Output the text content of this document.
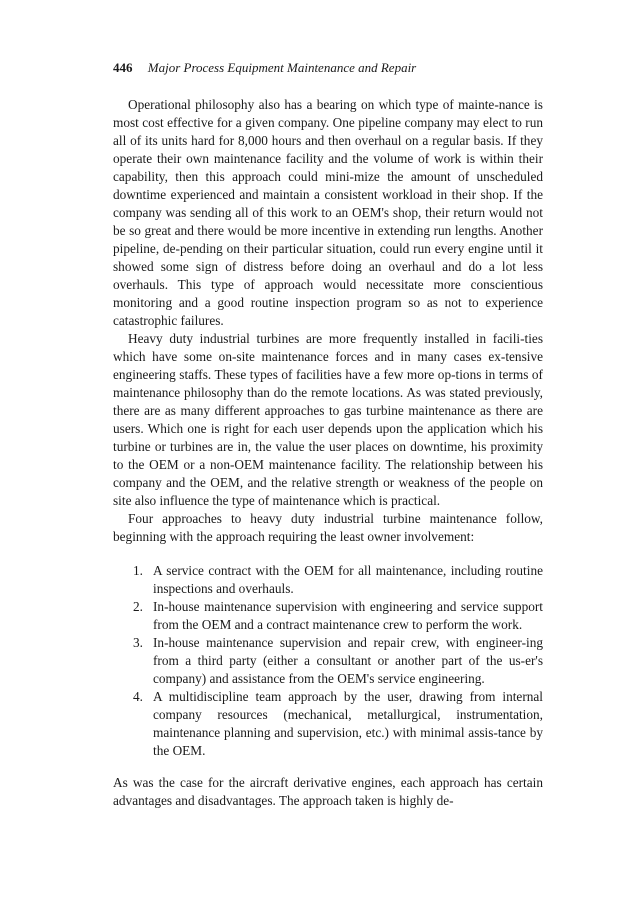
446 Major Process Equipment Maintenance and Repair

Operational philosophy also has a bearing on which type of mainte-nance is most cost effective for a given company. One pipeline company may elect to run all of its units hard for 8,000 hours and then overhaul on a regular basis. If they operate their own maintenance facility and the volume of work is within their capability, then this approach could mini-mize the amount of unscheduled downtime experienced and maintain a consistent workload in their shop. If the company was sending all of this work to an OEM's shop, their return would not be so great and there would be more incentive in extending run lengths. Another pipeline, de-pending on their particular situation, could run every engine until it showed some sign of distress before doing an overhaul and do a lot less overhauls. This type of approach would necessitate more conscientious monitoring and a good routine inspection program so as not to experience catastrophic failures.

Heavy duty industrial turbines are more frequently installed in facili-ties which have some on-site maintenance forces and in many cases ex-tensive engineering staffs. These types of facilities have a few more op-tions in terms of maintenance philosophy than do the remote locations. As was stated previously, there are as many different approaches to gas turbine maintenance as there are users. Which one is right for each user depends upon the application which his turbine or turbines are in, the value the user places on downtime, his proximity to the OEM or a non-OEM maintenance facility. The relationship between his company and the OEM, and the relative strength or weakness of the people on site also influence the type of maintenance which is practical.

Four approaches to heavy duty industrial turbine maintenance follow, beginning with the approach requiring the least owner involvement:

1. A service contract with the OEM for all maintenance, including routine inspections and overhauls.
2. In-house maintenance supervision with engineering and service support from the OEM and a contract maintenance crew to perform the work.
3. In-house maintenance supervision and repair crew, with engineer-ing from a third party (either a consultant or another part of the us-er's company) and assistance from the OEM's service engineering.
4. A multidiscipline team approach by the user, drawing from internal company resources (mechanical, metallurgical, instrumentation, maintenance planning and supervision, etc.) with minimal assis-tance by the OEM.

As was the case for the aircraft derivative engines, each approach has certain advantages and disadvantages. The approach taken is highly de-
